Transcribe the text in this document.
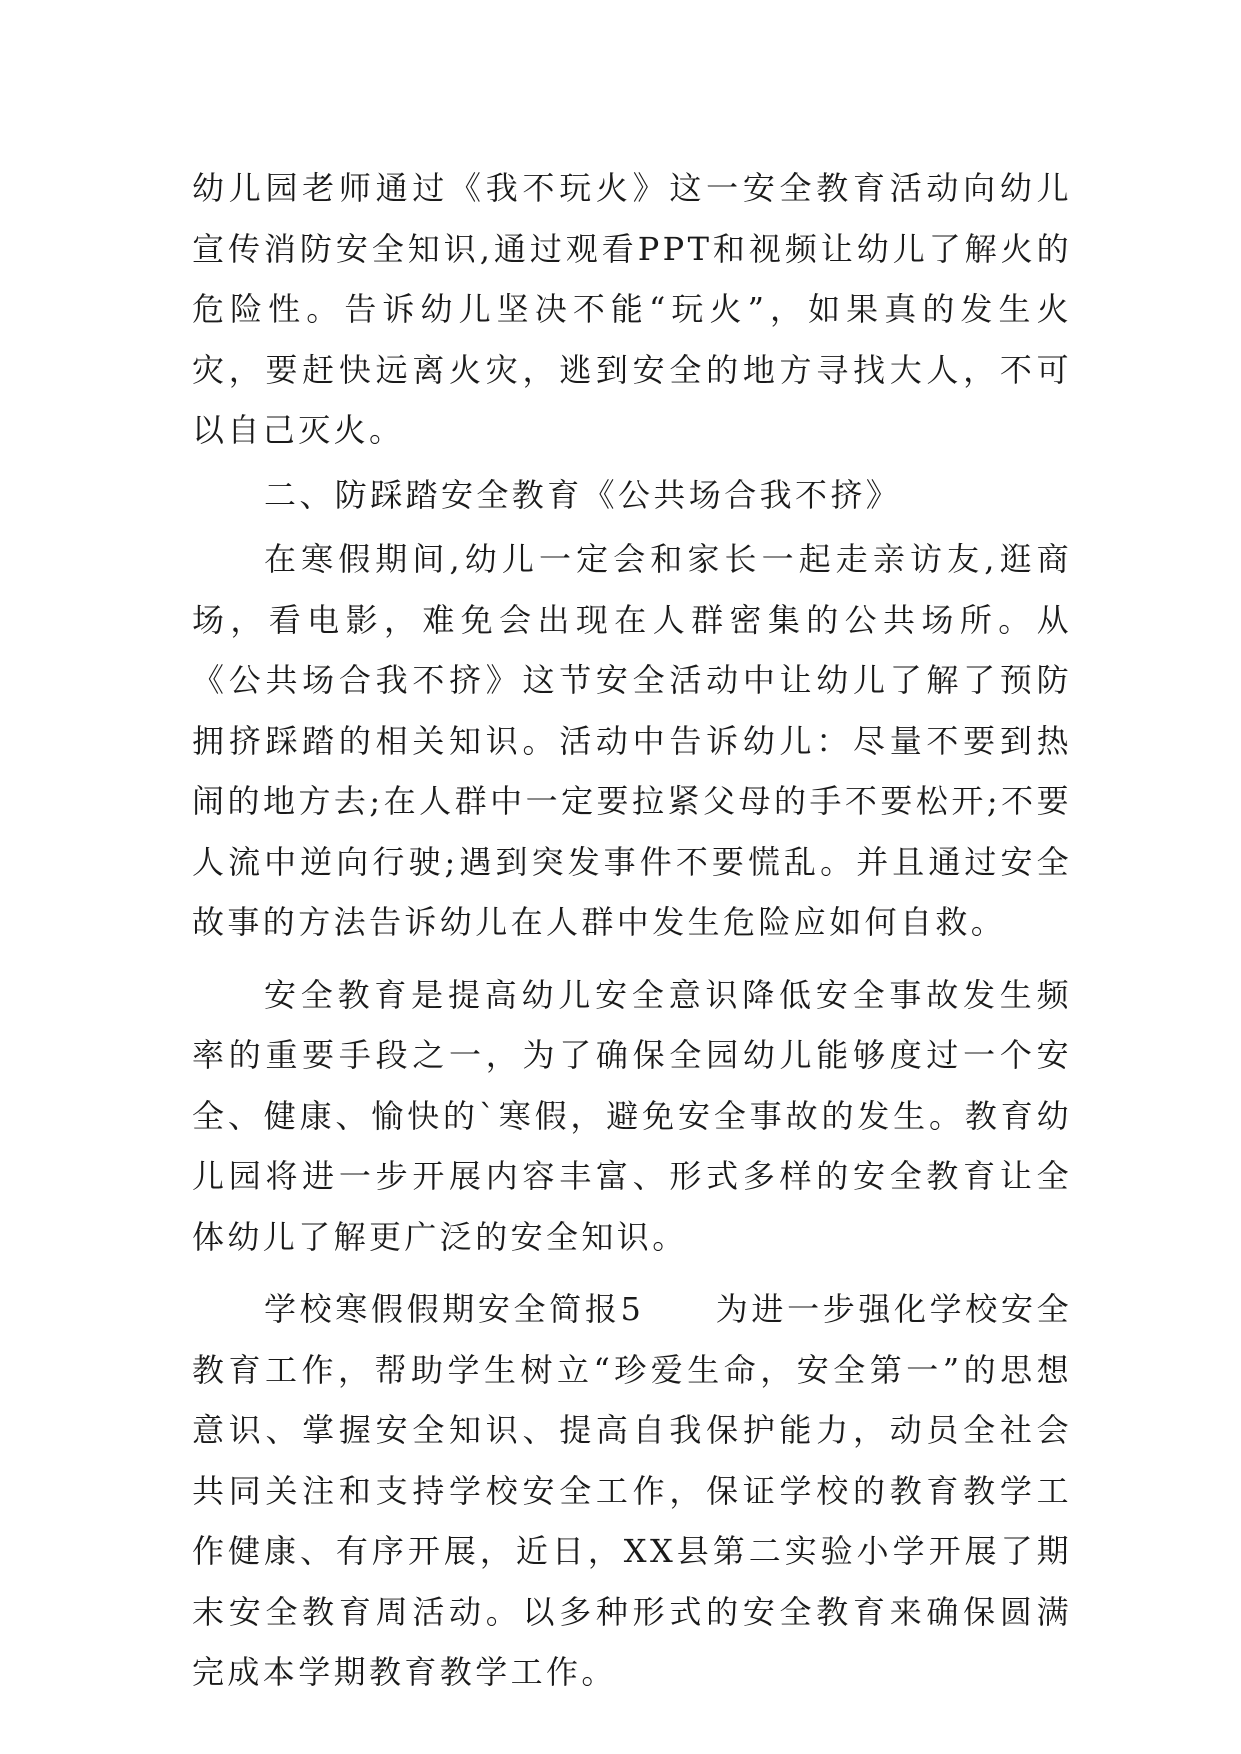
幼儿园老师通过《我不玩火》这一安全教育活动向幼儿宣传消防安全知识,通过观看PPT和视频让幼儿了解火的危险性。告诉幼儿坚决不能“玩火”，如果真的发生火灾，要赶快远离火灾，逃到安全的地方寻找大人，不可以自己灭火。

二、防踩踏安全教育《公共场合我不挤》

在寒假期间,幼儿一定会和家长一起走亲访友,逛商场，看电影，难免会出现在人群密集的公共场所。从《公共场合我不挤》这节安全活动中让幼儿了解了预防拥挤踩踏的相关知识。活动中告诉幼儿：尽量不要到热闹的地方去;在人群中一定要拉紧父母的手不要松开;不要人流中逆向行驶;遇到突发事件不要慌乱。并且通过安全故事的方法告诉幼儿在人群中发生危险应如何自救。

安全教育是提高幼儿安全意识降低安全事故发生频率的重要手段之一，为了确保全园幼儿能够度过一个安全、健康、愉快的`寒假，避免安全事故的发生。教育幼儿园将进一步开展内容丰富、形式多样的安全教育让全体幼儿了解更广泛的安全知识。

学校寒假假期安全简报5　　为进一步强化学校安全教育工作，帮助学生树立“珍爱生命，安全第一”的思想意识、掌握安全知识、提高自我保护能力，动员全社会共同关注和支持学校安全工作，保证学校的教育教学工作健康、有序开展，近日，XX县第二实验小学开展了期末安全教育周活动。以多种形式的安全教育来确保圆满完成本学期教育教学工作。
